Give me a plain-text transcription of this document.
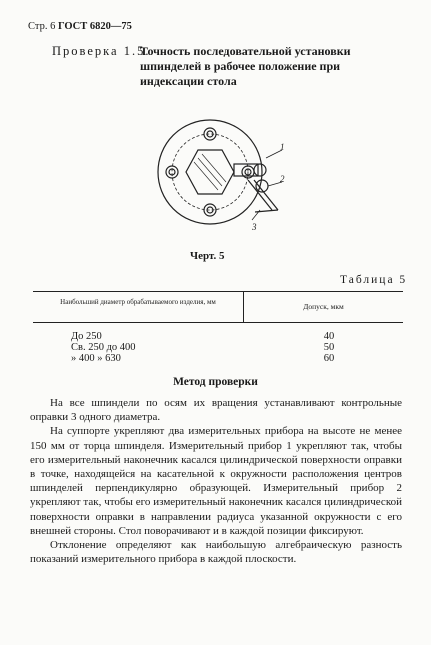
Стр. 6 ГОСТ 6820—75
Проверка 1.5.
Точность последовательной установки шпинделей в рабочее положение при индексации стола
1
2
3
Черт. 5
Таблица 5
Наибольший диаметр обрабатываемого изделия, мм	Допуск, мкм
До 250	40
Св. 250 до 400	50
» 400 » 630	60
Метод проверки

На все шпиндели по осям их вращения устанавливают контрольные оправки 3 одного диаметра.

На суппорте укрепляют два измерительных прибора на высоте не менее 150 мм от торца шпинделя. Измерительный прибор 1 укрепляют так, чтобы его измерительный наконечник касался цилиндрической поверхности оправки в точке, находящейся на касательной к окружности расположения центров шпинделей перпендикулярно образующей. Измерительный прибор 2 укрепляют так, чтобы его измерительный наконечник касался цилиндрической поверхности оправки в направлении радиуса указанной окружности с его внешней стороны. Стол поворачивают и в каждой позиции фиксируют.

Отклонение определяют как наибольшую алгебраическую разность показаний измерительного прибора в каждой плоскости.
